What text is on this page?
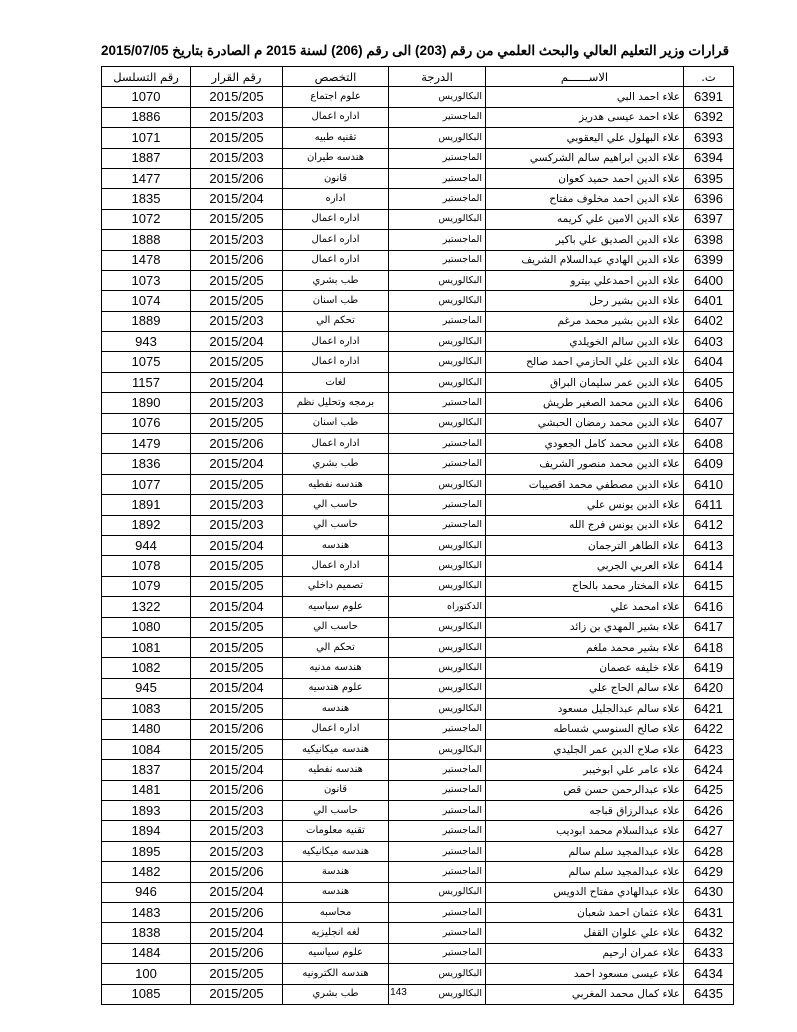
قرارات وزير التعليم العالي والبحث العلمي من رقم (203) الى رقم (206) لسنة 2015 م الصادرة بتاريخ 2015/07/05
ت.	الاســــــم	الدرجة	التخصص	رقم القرار	رقم التسلسل
6391	علاء احمد البي	البكالوريس	علوم اجتماع	2015/205	1070
6392	علاء احمد عيسى هدريز	الماجستير	اداره اعمال	2015/203	1886
6393	علاء البهلول علي اليعقوبي	البكالوريس	تقنيه طبيه	2015/205	1071
6394	علاء الدين ابراهيم سالم الشركسي	الماجستير	هندسه طيران	2015/203	1887
6395	علاء الدين احمد حميد كعوان	الماجستير	قانون	2015/206	1477
6396	علاء الدين احمد مخلوف مفتاح	الماجستير	اداره	2015/204	1835
6397	علاء الدين الامين علي كريمه	البكالوريس	اداره اعمال	2015/205	1072
6398	علاء الدين الصديق علي باكير	الماجستير	اداره اعمال	2015/203	1888
6399	علاء الدين الهادي عبدالسلام الشريف	الماجستير	اداره اعمال	2015/206	1478
6400	علاء الدين احمدعلي بيترو	البكالوريس	طب بشري	2015/205	1073
6401	علاء الدين بشير رحل	البكالوريس	طب اسنان	2015/205	1074
6402	علاء الدين بشير محمد مرغم	الماجستير	تحكم الي	2015/203	1889
6403	علاء الدين سالم الخويلدي	البكالوريس	اداره اعمال	2015/204	943
6404	علاء الدين علي الحازمي احمد صالح	البكالوريس	اداره اعمال	2015/205	1075
6405	علاء الدين عمر سليمان البراق	البكالوريس	لغات	2015/204	1157
6406	علاء الدين محمد الصغير طريش	الماجستير	برمجه وتحليل نظم	2015/203	1890
6407	علاء الدين محمد رمضان الحبشي	البكالوريس	طب اسنان	2015/205	1076
6408	علاء الدين محمد كامل الجعودي	الماجستير	اداره اعمال	2015/206	1479
6409	علاء الدين محمد منصور الشريف	الماجستير	طب بشري	2015/204	1836
6410	علاء الدين مصطفي محمد اقصيبات	البكالوريس	هندسه نفطيه	2015/205	1077
6411	علاء الدين يونس علي	الماجستير	حاسب الي	2015/203	1891
6412	علاء الدين يونس فرج الله	الماجستير	حاسب الي	2015/203	1892
6413	علاء الطاهر الترجمان	البكالوريس	هندسه	2015/204	944
6414	علاء العربي الجربي	البكالوريس	اداره اعمال	2015/205	1078
6415	علاء المختار محمد بالحاج	البكالوريس	تصميم داخلي	2015/205	1079
6416	علاء امحمد علي	الدكتوراه	علوم سياسيه	2015/204	1322
6417	علاء بشير المهدي بن زائد	البكالوريس	حاسب الي	2015/205	1080
6418	علاء بشير محمد ملغم	البكالوريس	تحكم الي	2015/205	1081
6419	علاء خليفه عصمان	البكالوريس	هندسه مدنيه	2015/205	1082
6420	علاء سالم الحاج علي	البكالوريس	علوم هندسيه	2015/204	945
6421	علاء سالم عبدالجليل مسعود	البكالوريس	هندسه	2015/205	1083
6422	علاء صالح السنوسي شساطه	الماجستير	اداره اعمال	2015/206	1480
6423	علاء صلاح الدين عمر الجليدي	البكالوريس	هندسه ميكانيكيه	2015/205	1084
6424	علاء عامر علي ابوخيبر	الماجستير	هندسه نفطيه	2015/204	1837
6425	علاء عبدالرحمن حسن قص	الماجستير	قانون	2015/206	1481
6426	علاء عبدالرزاق قباجه	الماجستير	حاسب الي	2015/203	1893
6427	علاء عبدالسلام محمد ابوديب	الماجستير	تقنيه معلومات	2015/203	1894
6428	علاء عبدالمجيد سلم سالم	الماجستير	هندسه ميكانيكيه	2015/203	1895
6429	علاء عبدالمجيد سلم سالم	الماجستير	هندسة	2015/206	1482
6430	علاء عبدالهادي مفتاح الدويس	البكالوريس	هندسه	2015/204	946
6431	علاء عثمان احمد شعبان	الماجستير	محاسبه	2015/206	1483
6432	علاء علي علوان القفل	الماجستير	لغه انجليزيه	2015/204	1838
6433	علاء عمران ارحيم	الماجستير	علوم سياسيه	2015/206	1484
6434	علاء عيسى مسعود احمد	البكالوريس	هندسه الكترونيه	2015/205	100
6435	علاء كمال محمد المغربي	البكالوريس	طب بشري	2015/205	1085	143
